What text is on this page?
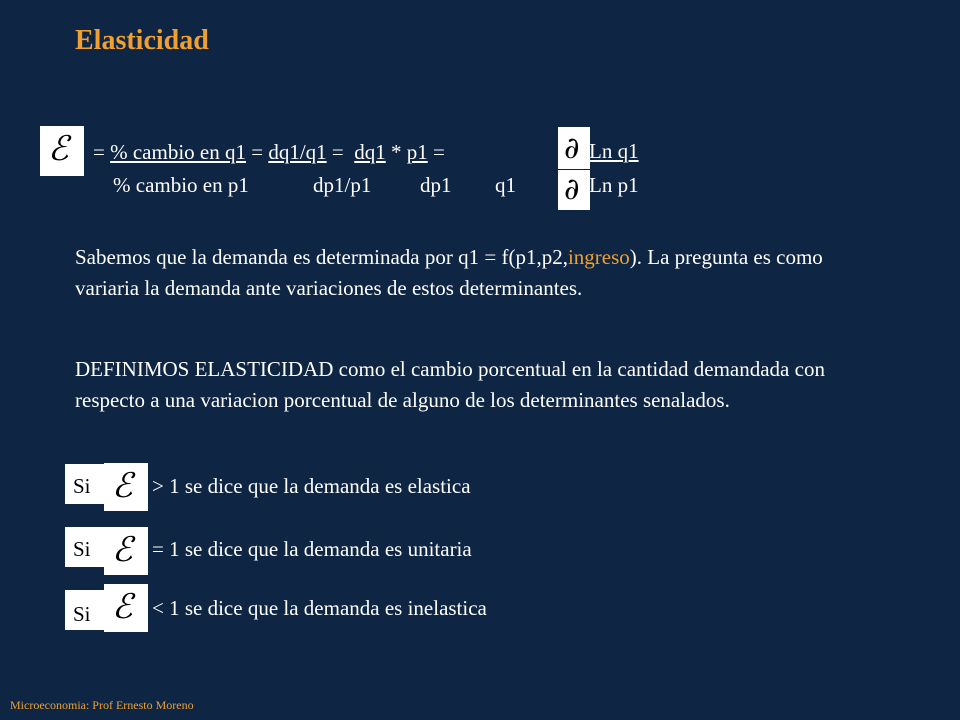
Elasticidad
ℰ = % cambio en q1 = dq1/q1 =  dq1 * p1 =
% cambio en p1	dp1/p1 dp1 q1
∂
∂
Ln q1
Ln p1
Sabemos que la demanda es determinada por q1 = f(p1,p2,ingreso). La pregunta es como variaria la demanda ante variaciones de estos determinantes.
DEFINIMOS ELASTICIDAD como el cambio porcentual en la cantidad demandada con respecto a una variacion porcentual de alguno de los determinantes senalados.
Si ℰ > 1 se dice que la demanda es elastica
Si ℰ = 1 se dice que la demanda es unitaria
Si ℰ < 1 se dice que la demanda es inelastica
Microeconomia: Prof Ernesto Moreno
